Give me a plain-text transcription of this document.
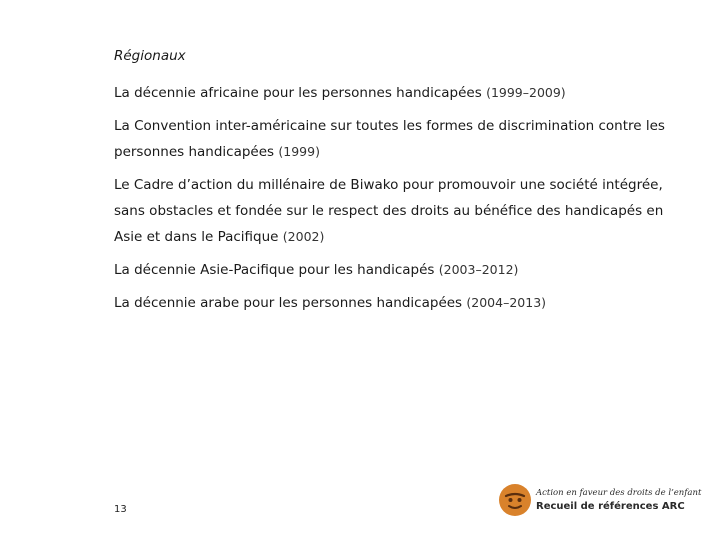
Régionaux

La décennie africaine pour les personnes handicapées (1999–2009)

La Convention inter-américaine sur toutes les formes de discrimination contre les personnes handicapées (1999)

Le Cadre d’action du millénaire de Biwako pour promouvoir une société intégrée, sans obstacles et fondée sur le respect des droits au bénéfice des handicapés en Asie et dans le Pacifique (2002)

La décennie Asie-Pacifique pour les handicapés (2003–2012)

La décennie arabe pour les personnes handicapées (2004–2013)

13
Action en faveur des droits de l’enfant
Recueil de références ARC
